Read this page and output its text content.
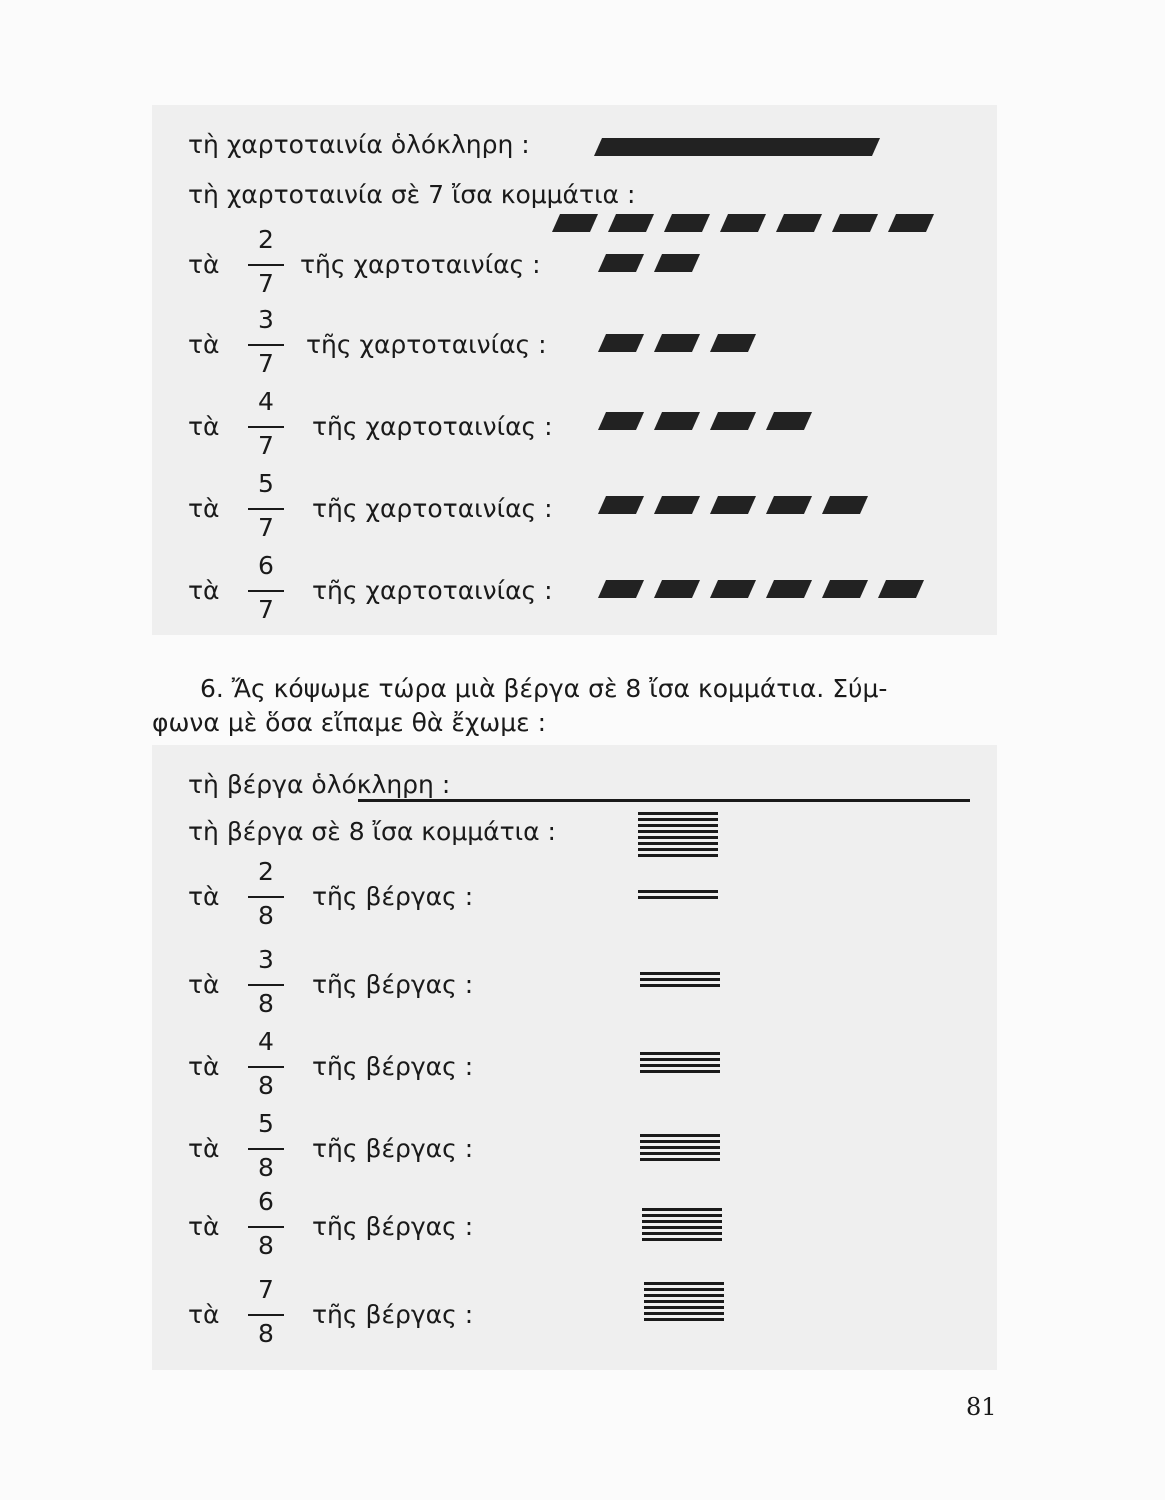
τὴ χαρτοταινία ὁλόκληρη :
τὴ χαρτοταινία σὲ 7 ἴσα κομμάτια :
τὰ
2
7
τῆς χαρτοταινίας :
τὰ
3
7
τῆς χαρτοταινίας :
τὰ
4
7
τῆς χαρτοταινίας :
τὰ
5
7
τῆς χαρτοταινίας :
τὰ
6
7
τῆς χαρτοταινίας :
6. Ἄς κόψωμε τώρα μιὰ βέργα σὲ 8 ἴσα κομμάτια. Σύμ-
φωνα μὲ ὅσα εἴπαμε θὰ ἔχωμε :
τὴ βέργα ὁλόκληρη :
τὴ βέργα σὲ 8 ἴσα κομμάτια :
τὰ
2
8
τῆς βέργας :
τὰ
3
8
τῆς βέργας :
τὰ
4
8
τῆς βέργας :
τὰ
5
8
τῆς βέργας :
τὰ
6
8
τῆς βέργας :
τὰ
7
8
τῆς βέργας :
81
